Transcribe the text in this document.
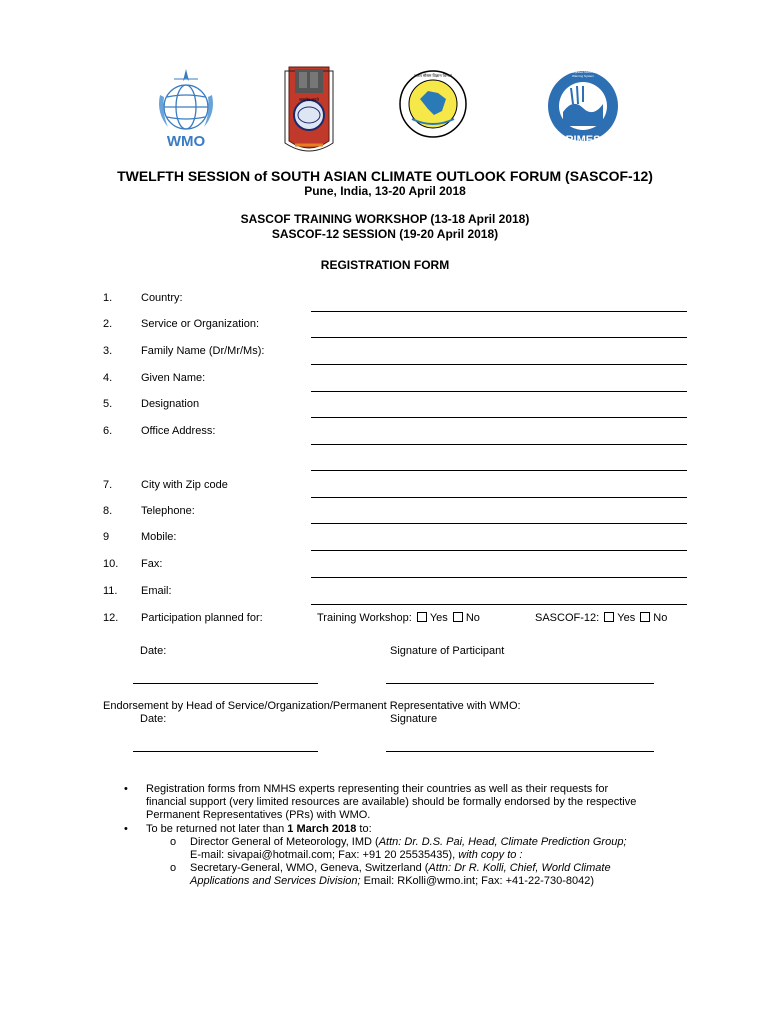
WMO
सत्यमेव जयते
भारत मौसम विज्ञान विभाग
Regional Integrated Multi-Hazard Early Warning System
RIMES
TWELFTH SESSION of SOUTH ASIAN CLIMATE OUTLOOK FORUM (SASCOF-12)
Pune, India, 13-20 April 2018
SASCOF TRAINING WORKSHOP (13-18 April 2018)
SASCOF-12 SESSION (19-20 April 2018)
REGISTRATION FORM
1.	Country:
2.	Service or Organization:
3.	Family Name (Dr/Mr/Ms):
4.	Given Name:
5.	Designation
6.	Office Address:
7.	City with Zip code
8.	Telephone:
9	Mobile:
10. Fax:
11. Email:
12. Participation planned for:	Training Workshop: Yes No	SASCOF-12: Yes No
Date:	Signature of Participant
Endorsement by Head of Service/Organization/Permanent Representative with WMO:
Date:	Signature
• Registration forms from NMHS experts representing their countries as well as their requests for
financial support (very limited resources are available) should be formally endorsed by the respective
Permanent Representatives (PRs) with WMO.
• To be returned not later than 1 March 2018 to:
o Director General of Meteorology, IMD (Attn: Dr. D.S. Pai, Head, Climate Prediction Group;
E-mail: sivapai@hotmail.com; Fax: +91 20 25535435), with copy to :
o Secretary-General, WMO, Geneva, Switzerland (Attn: Dr R. Kolli, Chief, World Climate
Applications and Services Division; Email: RKolli@wmo.int; Fax: +41-22-730-8042)
